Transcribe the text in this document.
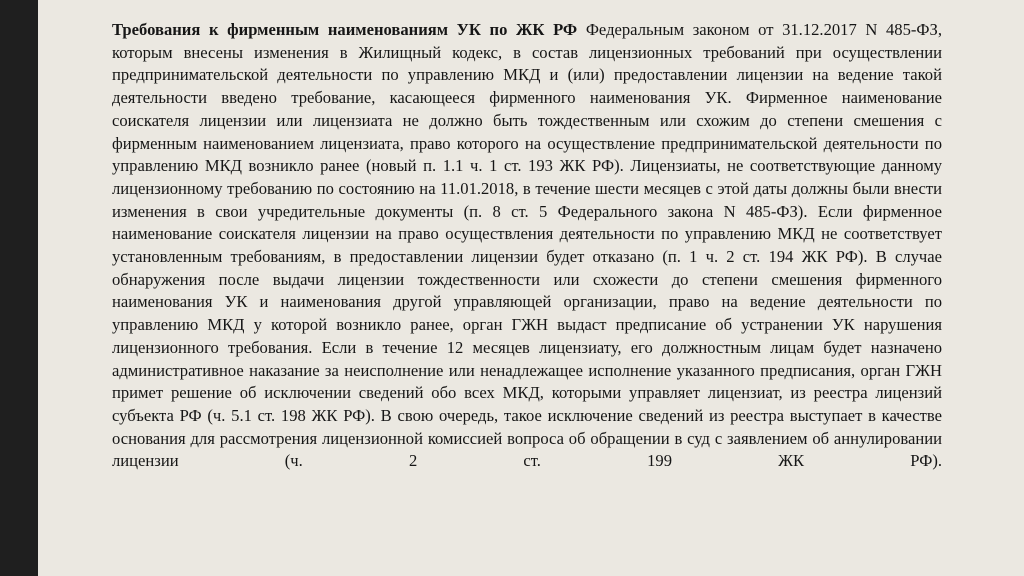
Требования к фирменным наименованиям УК по ЖК РФ Федеральным законом от 31.12.2017 N 485-ФЗ, которым внесены изменения в Жилищный кодекс, в состав лицензионных требований при осуществлении предпринимательской деятельности по управлению МКД и (или) предоставлении лицензии на ведение такой деятельности введено требование, касающееся фирменного наименования УК. Фирменное наименование соискателя лицензии или лицензиата не должно быть тождественным или схожим до степени смешения с фирменным наименованием лицензиата, право которого на осуществление предпринимательской деятельности по управлению МКД возникло ранее (новый п. 1.1 ч. 1 ст. 193 ЖК РФ). Лицензиаты, не соответствующие данному лицензионному требованию по состоянию на 11.01.2018, в течение шести месяцев с этой даты должны были внести изменения в свои учредительные документы (п. 8 ст. 5 Федерального закона N 485-ФЗ). Если фирменное наименование соискателя лицензии на право осуществления деятельности по управлению МКД не соответствует установленным требованиям, в предоставлении лицензии будет отказано (п. 1 ч. 2 ст. 194 ЖК РФ). В случае обнаружения после выдачи лицензии тождественности или схожести до степени смешения фирменного наименования УК и наименования другой управляющей организации, право на ведение деятельности по управлению МКД у которой возникло ранее, орган ГЖН выдаст предписание об устранении УК нарушения лицензионного требования. Если в течение 12 месяцев лицензиату, его должностным лицам будет назначено административное наказание за неисполнение или ненадлежащее исполнение указанного предписания, орган ГЖН примет решение об исключении сведений обо всех МКД, которыми управляет лицензиат, из реестра лицензий субъекта РФ (ч. 5.1 ст. 198 ЖК РФ). В свою очередь, такое исключение сведений из реестра выступает в качестве основания для рассмотрения лицензионной комиссией вопроса об обращении в суд с заявлением об аннулировании лицензии (ч. 2 ст. 199 ЖК РФ).
